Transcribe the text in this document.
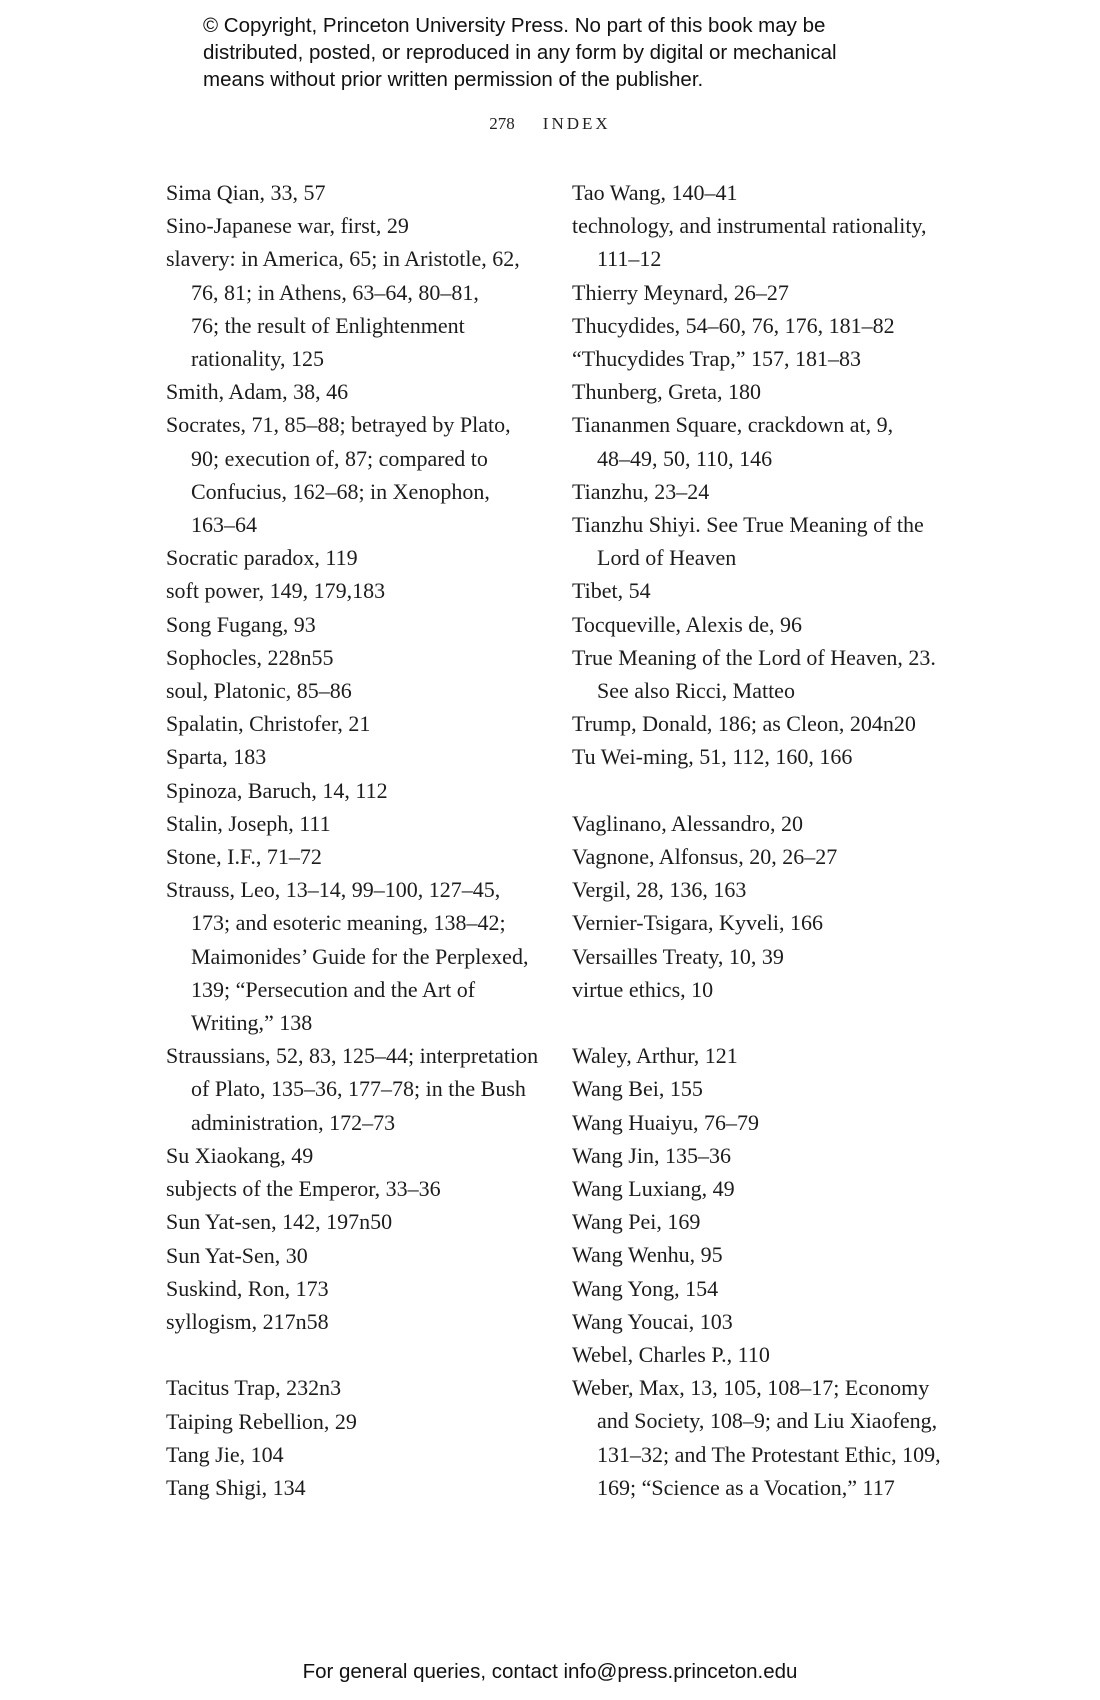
© Copyright, Princeton University Press. No part of this book may be
distributed, posted, or reproduced in any form by digital or mechanical
means without prior written permission of the publisher.
278 INDEX
Sima Qian, 33, 57
Sino-Japanese war, first, 29
slavery: in America, 65; in Aristotle, 62,
76, 81; in Athens, 63–64, 80–81,
76; the result of Enlightenment
rationality, 125
Smith, Adam, 38, 46
Socrates, 71, 85–88; betrayed by Plato,
90; execution of, 87; compared to
Confucius, 162–68; in Xenophon,
163–64
Socratic paradox, 119
soft power, 149, 179,183
Song Fugang, 93
Sophocles, 228n55
soul, Platonic, 85–86
Spalatin, Christofer, 21
Sparta, 183
Spinoza, Baruch, 14, 112
Stalin, Joseph, 111
Stone, I.F., 71–72
Strauss, Leo, 13–14, 99–100, 127–45,
173; and esoteric meaning, 138–42;
Maimonides’ Guide for the Perplexed,
139; “Persecution and the Art of
Writing,” 138
Straussians, 52, 83, 125–44; interpretation
of Plato, 135–36, 177–78; in the Bush
administration, 172–73
Su Xiaokang, 49
subjects of the Emperor, 33–36
Sun Yat-sen, 142, 197n50
Sun Yat-Sen, 30
Suskind, Ron, 173
syllogism, 217n58
Tacitus Trap, 232n3
Taiping Rebellion, 29
Tang Jie, 104
Tang Shigi, 134
Tao Wang, 140–41
technology, and instrumental rationality,
111–12
Thierry Meynard, 26–27
Thucydides, 54–60, 76, 176, 181–82
“Thucydides Trap,” 157, 181–83
Thunberg, Greta, 180
Tiananmen Square, crackdown at, 9,
48–49, 50, 110, 146
Tianzhu, 23–24
Tianzhu Shiyi. See True Meaning of the
Lord of Heaven
Tibet, 54
Tocqueville, Alexis de, 96
True Meaning of the Lord of Heaven, 23.
See also Ricci, Matteo
Trump, Donald, 186; as Cleon, 204n20
Tu Wei-ming, 51, 112, 160, 166
Vaglinano, Alessandro, 20
Vagnone, Alfonsus, 20, 26–27
Vergil, 28, 136, 163
Vernier-Tsigara, Kyveli, 166
Versailles Treaty, 10, 39
virtue ethics, 10
Waley, Arthur, 121
Wang Bei, 155
Wang Huaiyu, 76–79
Wang Jin, 135–36
Wang Luxiang, 49
Wang Pei, 169
Wang Wenhu, 95
Wang Yong, 154
Wang Youcai, 103
Webel, Charles P., 110
Weber, Max, 13, 105, 108–17; Economy
and Society, 108–9; and Liu Xiaofeng,
131–32; and The Protestant Ethic, 109,
169; “Science as a Vocation,” 117
For general queries, contact info@press.princeton.edu
